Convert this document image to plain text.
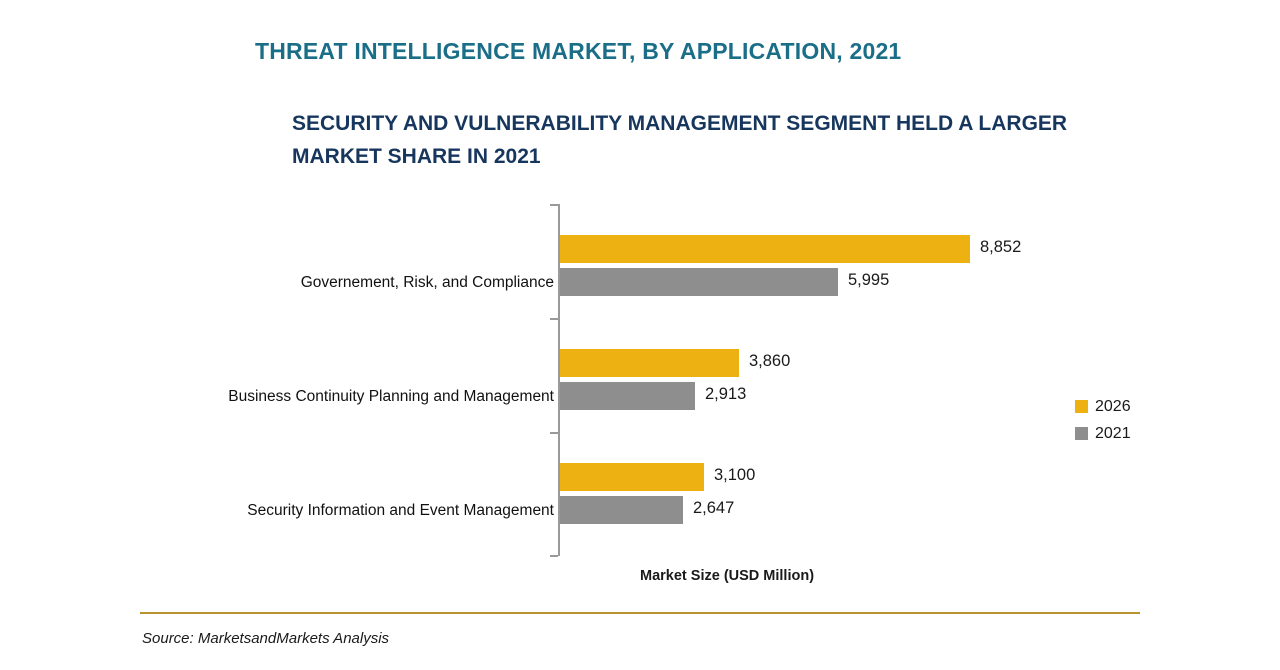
THREAT INTELLIGENCE MARKET, BY APPLICATION, 2021
SECURITY AND VULNERABILITY MANAGEMENT SEGMENT HELD A LARGER MARKET SHARE IN 2021
Governement, Risk, and Compliance
8,852
5,995
Business Continuity Planning and Management
3,860
2,913
Security Information and Event Management
3,100
2,647
Market Size (USD Million)
2026
2021
Source: MarketsandMarkets Analysis
